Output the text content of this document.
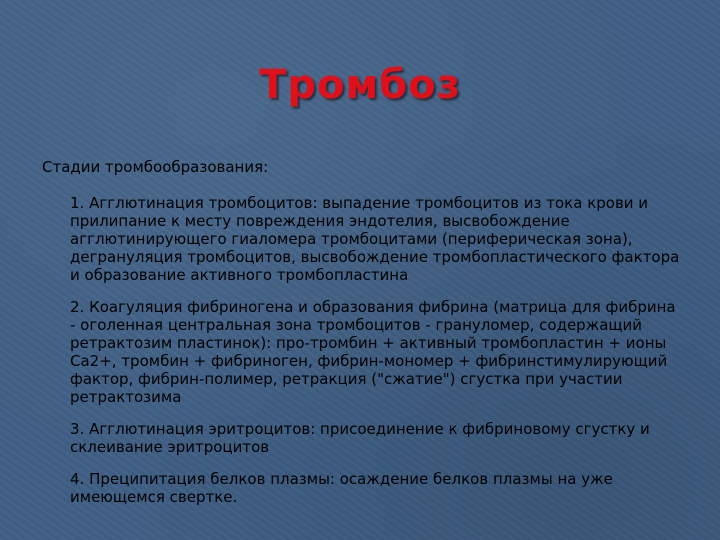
Тромбоз
Стадии тромбообразования:
1. Агглютинация тромбоцитов: выпадение тромбоцитов из тока крови и прилипание к месту повреждения эндотелия, высвобождение агглютинирующего гиаломера тромбоцитами (периферическая зона), дегрануляция тромбоцитов, высвобождение тромбопластического фактора и образование активного тромбопластина
2. Коагуляция фибриногена и образования фибрина (матрица для фибрина - оголенная центральная зона тромбоцитов - грануломер, содержащий ретрактозим пластинок): про-тромбин + активный тромбопластин + ионы Са2+, тромбин + фибриноген, фибрин-мономер + фибринстимулирующий фактор, фибрин-полимер, ретракция ("сжатие") сгустка при участии ретрактозима
3. Агглютинация эритроцитов: присоединение к фибриновому сгустку и склеивание эритроцитов
4. Преципитация белков плазмы: осаждение белков плазмы на уже имеющемся свертке.
